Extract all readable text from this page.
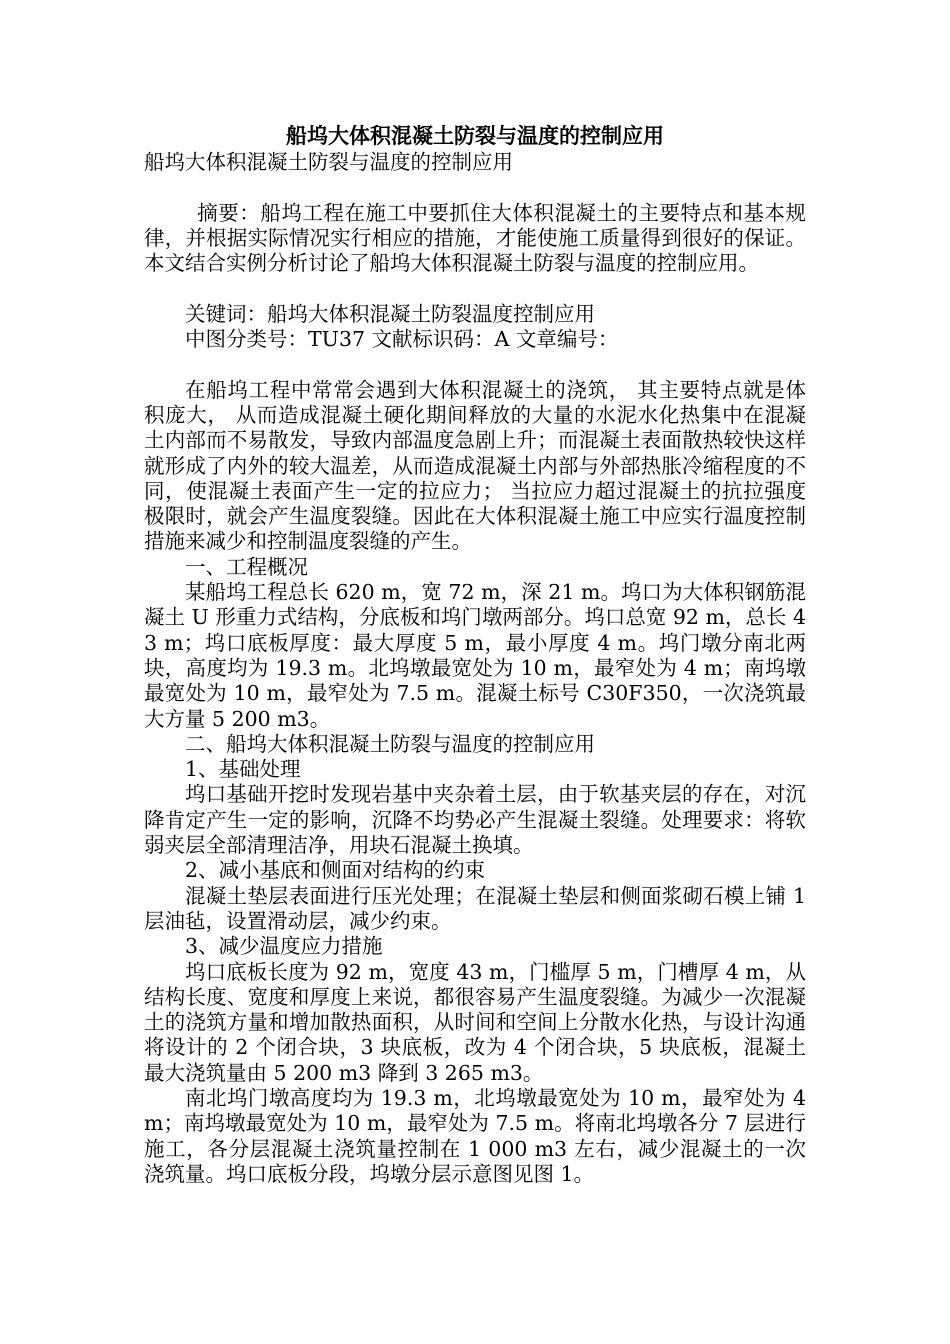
船坞大体积混凝土防裂与温度的控制应用

船坞大体积混凝土防裂与温度的控制应用

摘要：船坞工程在施工中要抓住大体积混凝土的主要特点和基本规律，并根据实际情况实行相应的措施，才能使施工质量得到很好的保证。本文结合实例分析讨论了船坞大体积混凝土防裂与温度的控制应用。

关键词：船坞大体积混凝土防裂温度控制应用

中图分类号：TU37 文献标识码：A 文章编号：

在船坞工程中常常会遇到大体积混凝土的浇筑， 其主要特点就是体积庞大， 从而造成混凝土硬化期间释放的大量的水泥水化热集中在混凝土内部而不易散发，导致内部温度急剧上升；而混凝土表面散热较快这样就形成了内外的较大温差，从而造成混凝土内部与外部热胀冷缩程度的不同，使混凝土表面产生一定的拉应力； 当拉应力超过混凝土的抗拉强度极限时，就会产生温度裂缝。因此在大体积混凝土施工中应实行温度控制措施来减少和控制温度裂缝的产生。

一、工程概况

某船坞工程总长 620 m，宽 72 m，深 21 m。坞口为大体积钢筋混凝土 U 形重力式结构，分底板和坞门墩两部分。坞口总宽 92 m，总长 43 m；坞口底板厚度：最大厚度 5 m，最小厚度 4 m。坞门墩分南北两块，高度均为 19.3 m。北坞墩最宽处为 10 m，最窄处为 4 m；南坞墩最宽处为 10 m，最窄处为 7.5 m。混凝土标号 C30F350，一次浇筑最大方量 5 200 m3。

二、船坞大体积混凝土防裂与温度的控制应用

1、基础处理

坞口基础开挖时发现岩基中夹杂着土层，由于软基夹层的存在，对沉降肯定产生一定的影响，沉降不均势必产生混凝土裂缝。处理要求：将软弱夹层全部清理洁净，用块石混凝土换填。

2、减小基底和侧面对结构的约束

混凝土垫层表面进行压光处理；在混凝土垫层和侧面浆砌石模上铺 1 层油毡，设置滑动层，减少约束。

3、减少温度应力措施

坞口底板长度为 92 m，宽度 43 m，门槛厚 5 m，门槽厚 4 m，从结构长度、宽度和厚度上来说，都很容易产生温度裂缝。为减少一次混凝土的浇筑方量和增加散热面积，从时间和空间上分散水化热，与设计沟通将设计的 2 个闭合块，3 块底板，改为 4 个闭合块，5 块底板，混凝土最大浇筑量由 5 200 m3 降到 3 265 m3。

南北坞门墩高度均为 19.3 m，北坞墩最宽处为 10 m，最窄处为 4 m；南坞墩最宽处为 10 m，最窄处为 7.5 m。将南北坞墩各分 7 层进行施工，各分层混凝土浇筑量控制在 1 000 m3 左右，减少混凝土的一次浇筑量。坞口底板分段，坞墩分层示意图见图 1。
